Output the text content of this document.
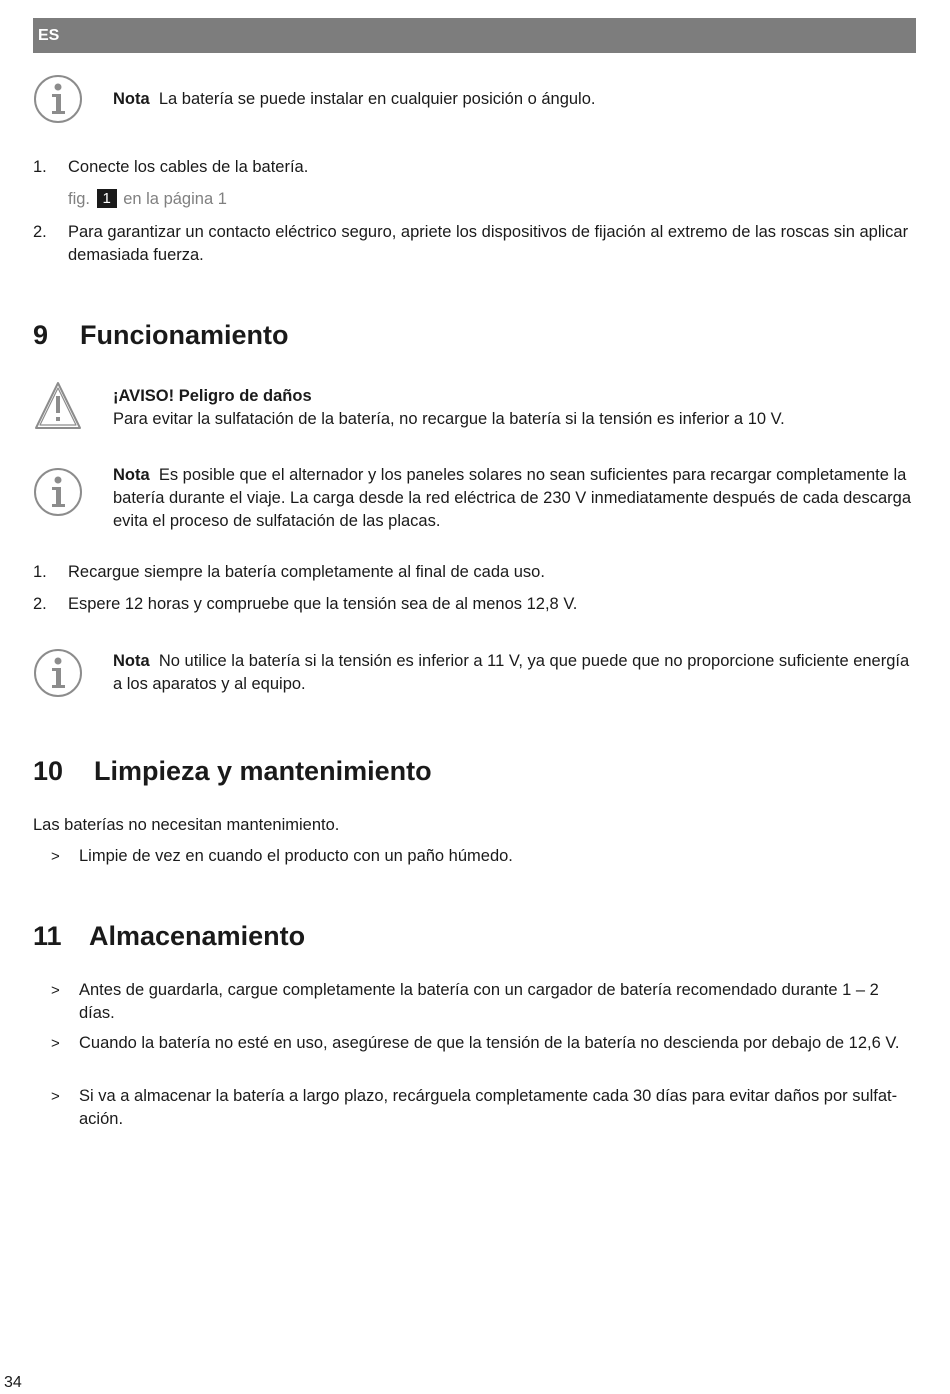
ES
Nota La batería se puede instalar en cualquier posición o ángulo.
1. Conecte los cables de la batería.
fig. 1 en la página 1
2. Para garantizar un contacto eléctrico seguro, apriete los dispositivos de fijación al extremo de las roscas sin aplicar demasiada fuerza.
9 Funcionamiento
¡AVISO! Peligro de daños
Para evitar la sulfatación de la batería, no recargue la batería si la tensión es inferior a 10 V.
Nota Es posible que el alternador y los paneles solares no sean suficientes para recargar completamente la batería durante el viaje. La carga desde la red eléctrica de 230 V inmediatamente después de cada descarga evita el proceso de sulfatación de las placas.
1. Recargue siempre la batería completamente al final de cada uso.
2. Espere 12 horas y compruebe que la tensión sea de al menos 12,8 V.
Nota No utilice la batería si la tensión es inferior a 11 V, ya que puede que no proporcione suficiente energía a los aparatos y al equipo.
10 Limpieza y mantenimiento
Las baterías no necesitan mantenimiento.
> Limpie de vez en cuando el producto con un paño húmedo.
11 Almacenamiento
> Antes de guardarla, cargue completamente la batería con un cargador de batería recomendado durante 1 – 2 días.
> Cuando la batería no esté en uso, asegúrese de que la tensión de la batería no descienda por debajo de 12,6 V.
> Si va a almacenar la batería a largo plazo, recárguela completamente cada 30 días para evitar daños por sulfatación.
34
